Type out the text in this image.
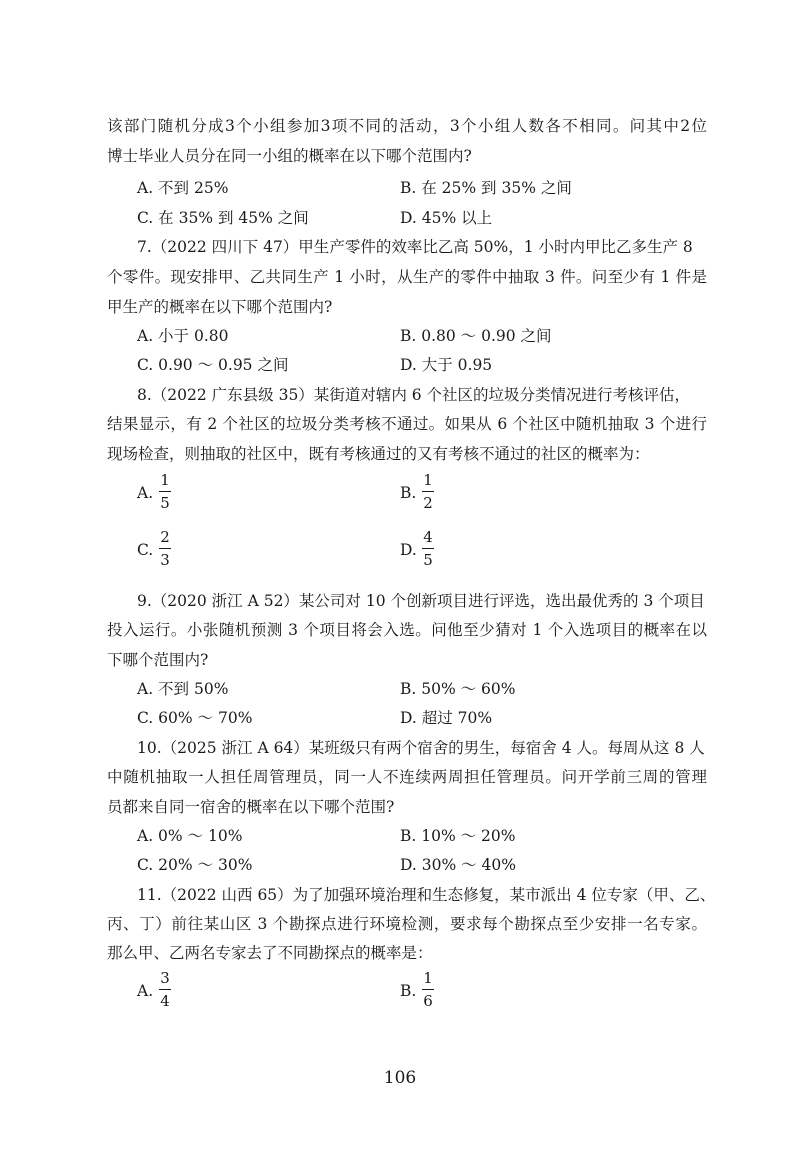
该部门随机分成3个小组参加3项不同的活动，3个小组人数各不相同。问其中2位
博士毕业人员分在同一小组的概率在以下哪个范围内?
A. 不到 25%	B. 在 25% 到 35% 之间
C. 在 35% 到 45% 之间	D. 45% 以上
7.（2022 四川下 47）甲生产零件的效率比乙高 50%，1 小时内甲比乙多生产 8
个零件。现安排甲、乙共同生产 1 小时，从生产的零件中抽取 3 件。问至少有 1 件是
甲生产的概率在以下哪个范围内?
A. 小于 0.80	B. 0.80 ～ 0.90 之间
C. 0.90 ～ 0.95 之间	D. 大于 0.95
8.（2022 广东县级 35）某街道对辖内 6 个社区的垃圾分类情况进行考核评估，
结果显示，有 2 个社区的垃圾分类考核不通过。如果从 6 个社区中随机抽取 3 个进行
现场检查，则抽取的社区中，既有考核通过的又有考核不通过的社区的概率为：
A.
1
5
B.
1
2
C.
2
3
D.
4
5
9.（2020 浙江 A 52）某公司对 10 个创新项目进行评选，选出最优秀的 3 个项目
投入运行。小张随机预测 3 个项目将会入选。问他至少猜对 1 个入选项目的概率在以
下哪个范围内?
A. 不到 50%	B. 50% ～ 60%
C. 60% ～ 70%	D. 超过 70%
10.（2025 浙江 A 64）某班级只有两个宿舍的男生，每宿舍 4 人。每周从这 8 人
中随机抽取一人担任周管理员，同一人不连续两周担任管理员。问开学前三周的管理
员都来自同一宿舍的概率在以下哪个范围?
A. 0% ～ 10%	B. 10% ～ 20%
C. 20% ～ 30%	D. 30% ～ 40%
11.（2022 山西 65）为了加强环境治理和生态修复，某市派出 4 位专家（甲、乙、
丙、丁）前往某山区 3 个勘探点进行环境检测，要求每个勘探点至少安排一名专家。
那么甲、乙两名专家去了不同勘探点的概率是：
A.
3
4
B.
1
6
106
